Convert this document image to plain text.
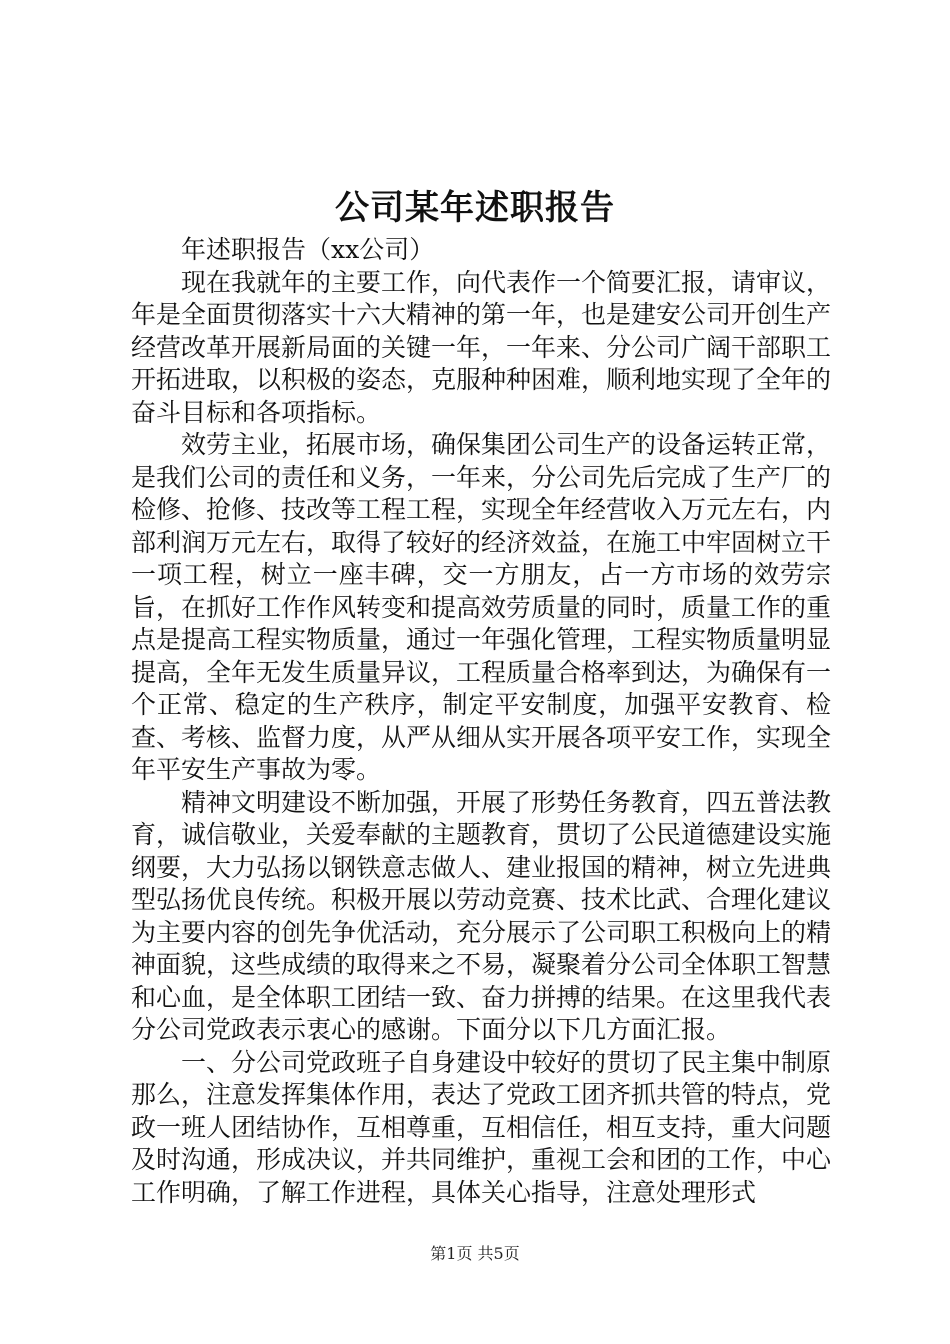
公司某年述职报告

年述职报告（xx公司）

现在我就年的主要工作，向代表作一个简要汇报，请审议，年是全面贯彻落实十六大精神的第一年，也是建安公司开创生产经营改革开展新局面的关键一年，一年来、分公司广阔干部职工开拓进取，以积极的姿态，克服种种困难，顺利地实现了全年的奋斗目标和各项指标。

效劳主业，拓展市场，确保集团公司生产的设备运转正常，是我们公司的责任和义务，一年来，分公司先后完成了生产厂的检修、抢修、技改等工程工程，实现全年经营收入万元左右，内部利润万元左右，取得了较好的经济效益，在施工中牢固树立干一项工程，树立一座丰碑，交一方朋友，占一方市场的效劳宗旨，在抓好工作作风转变和提高效劳质量的同时，质量工作的重点是提高工程实物质量，通过一年强化管理，工程实物质量明显提高，全年无发生质量异议，工程质量合格率到达，为确保有一个正常、稳定的生产秩序，制定平安制度，加强平安教育、检查、考核、监督力度，从严从细从实开展各项平安工作，实现全年平安生产事故为零。

精神文明建设不断加强，开展了形势任务教育，四五普法教育，诚信敬业，关爱奉献的主题教育，贯切了公民道德建设实施纲要，大力弘扬以钢铁意志做人、建业报国的精神，树立先进典型弘扬优良传统。积极开展以劳动竞赛、技术比武、合理化建议为主要内容的创先争优活动，充分展示了公司职工积极向上的精神面貌，这些成绩的取得来之不易，凝聚着分公司全体职工智慧和心血，是全体职工团结一致、奋力拼搏的结果。在这里我代表分公司党政表示衷心的感谢。下面分以下几方面汇报。

一、分公司党政班子自身建设中较好的贯切了民主集中制原那么，注意发挥集体作用，表达了党政工团齐抓共管的特点，党政一班人团结协作，互相尊重，互相信任，相互支持，重大问题及时沟通，形成决议，并共同维护，重视工会和团的工作，中心工作明确，了解工作进程，具体关心指导，注意处理形式

第1页 共5页
